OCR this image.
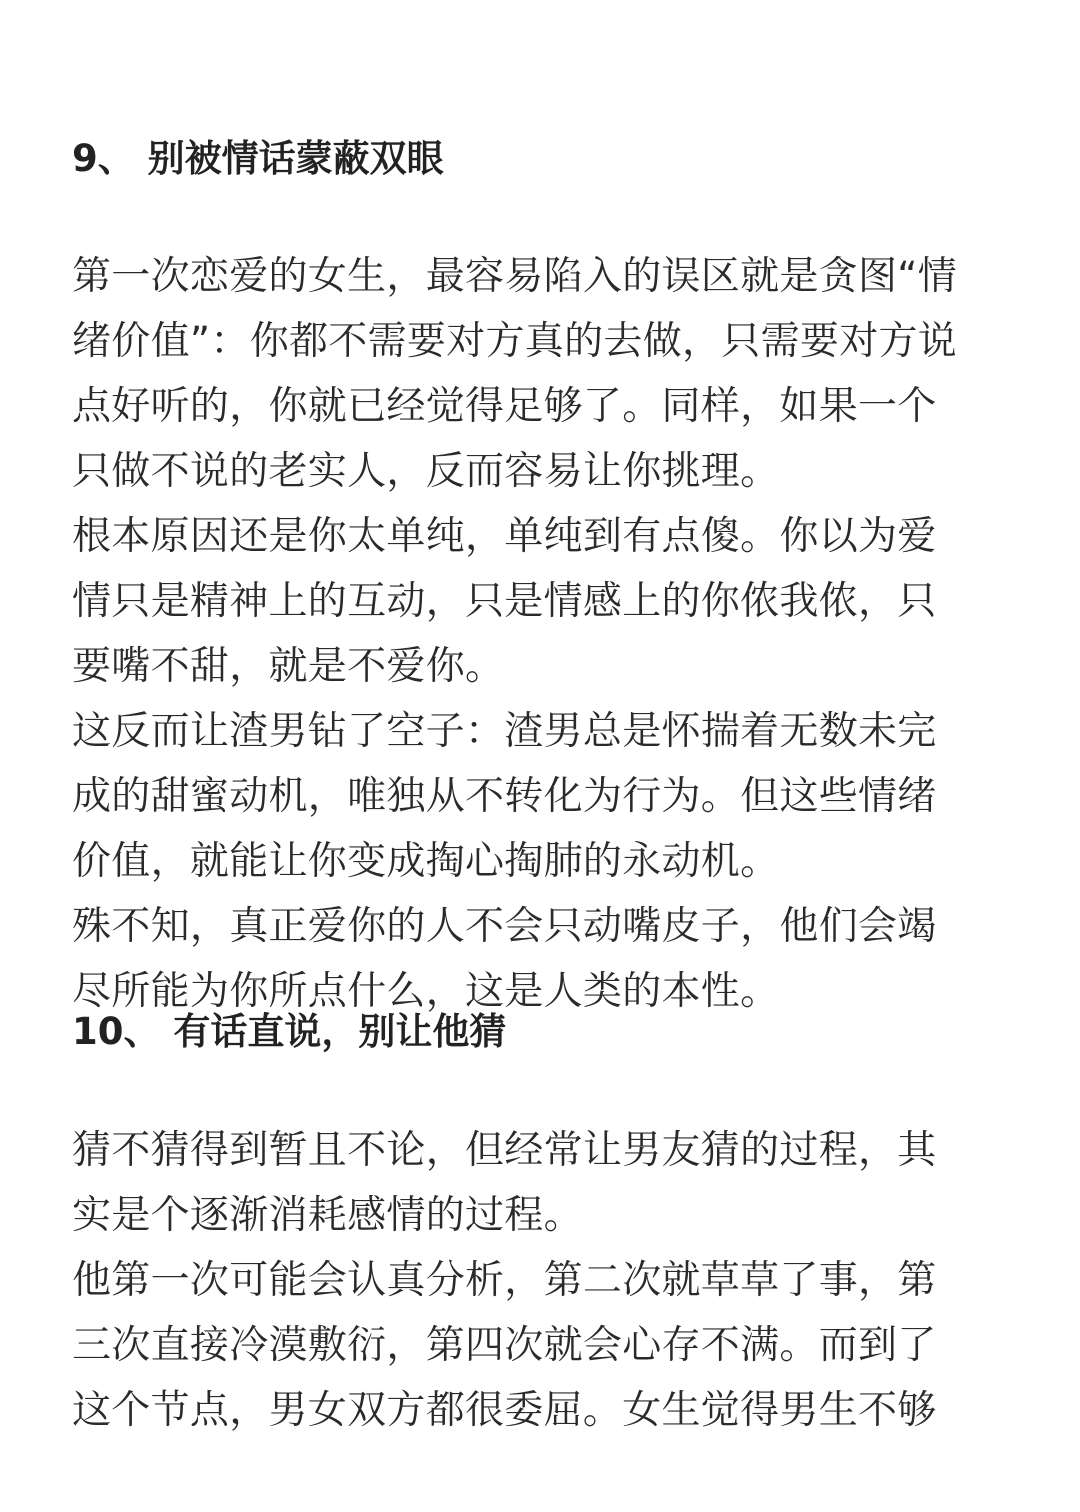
9、 别被情话蒙蔽双眼
第一次恋爱的女生，最容易陷入的误区就是贪图“情
绪价值”：你都不需要对方真的去做，只需要对方说
点好听的，你就已经觉得足够了。同样，如果一个
只做不说的老实人，反而容易让你挑理。
根本原因还是你太单纯，单纯到有点傻。你以为爱
情只是精神上的互动，只是情感上的你侬我侬，只
要嘴不甜，就是不爱你。
这反而让渣男钻了空子：渣男总是怀揣着无数未完
成的甜蜜动机，唯独从不转化为行为。但这些情绪
价值，就能让你变成掏心掏肺的永动机。
殊不知，真正爱你的人不会只动嘴皮子，他们会竭
尽所能为你所点什么，这是人类的本性。
10、 有话直说，别让他猜
猜不猜得到暂且不论，但经常让男友猜的过程，其
实是个逐渐消耗感情的过程。
他第一次可能会认真分析，第二次就草草了事，第
三次直接冷漠敷衍，第四次就会心存不满。而到了
这个节点，男女双方都很委屈。女生觉得男生不够
